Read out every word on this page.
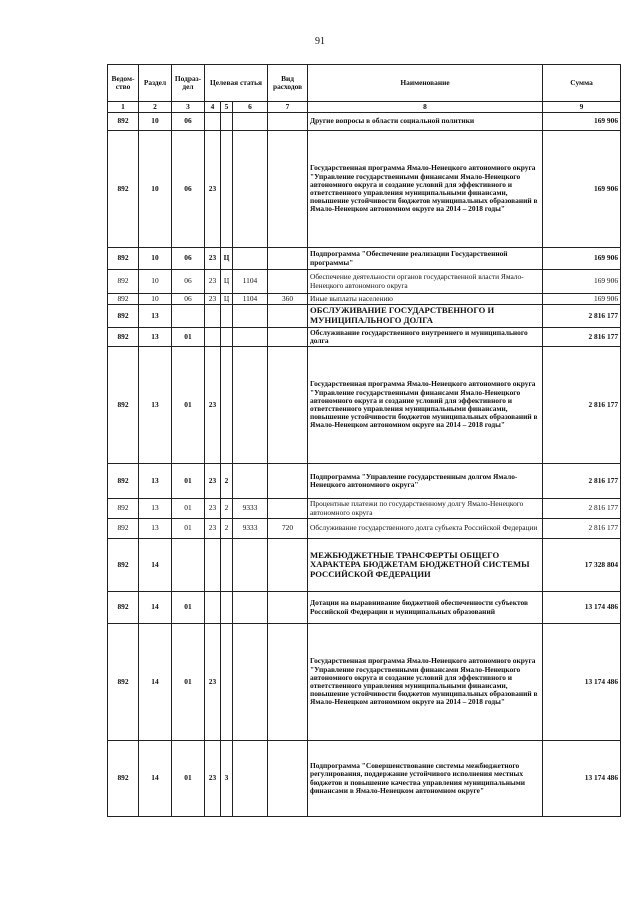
91
Ведом-ство	Раздел	Подраз-дел	Целевая статья			Вид расходов	Наименование	Сумма
1	2	3	4	5	6	7	8	9
892	10	06					Другие вопросы в области социальной политики	169 906
892	10	06	23				Государственная программа Ямало-Ненецкого автономного округа "Управление государственными финансами Ямало-Ненецкого автономного округа и создание условий для эффективного и ответственного управления муниципальными финансами, повышение устойчивости бюджетов муниципальных образований в Ямало-Ненецком автономном округе на 2014 – 2018 годы"	169 906
892	10	06	23	Ц			Подпрограмма "Обеспечение реализации Государственной программы"	169 906
892	10	06	23	Ц	1104		Обеспечение деятельности органов государственной власти Ямало-Ненецкого автономного округа	169 906
892	10	06	23	Ц	1104	360	Иные выплаты населению	169 906
892	13						ОБСЛУЖИВАНИЕ ГОСУДАРСТВЕННОГО И МУНИЦИПАЛЬНОГО ДОЛГА	2 816 177
892	13	01					Обслуживание государственного внутреннего и муниципального долга	2 816 177
892	13	01	23				Государственная программа Ямало-Ненецкого автономного округа "Управление государственными финансами Ямало-Ненецкого автономного округа и создание условий для эффективного и ответственного управления муниципальными финансами, повышение устойчивости бюджетов муниципальных образований в Ямало-Ненецком автономном округе на 2014 – 2018 годы"	2 816 177
892	13	01	23	2			Подпрограмма "Управление государственным долгом Ямало-Ненецкого автономного округа"	2 816 177
892	13	01	23	2	9333		Процентные платежи по государственному долгу Ямало-Ненецкого автономного округа	2 816 177
892	13	01	23	2	9333	720	Обслуживание государственного долга субъекта Российской Федерации	2 816 177
892	14						МЕЖБЮДЖЕТНЫЕ ТРАНСФЕРТЫ ОБЩЕГО ХАРАКТЕРА БЮДЖЕТАМ БЮДЖЕТНОЙ СИСТЕМЫ РОССИЙСКОЙ ФЕДЕРАЦИИ	17 328 804
892	14	01					Дотации на выравнивание бюджетной обеспеченности субъектов Российской Федерации и муниципальных образований	13 174 486
892	14	01	23				Государственная программа Ямало-Ненецкого автономного округа "Управление государственными финансами Ямало-Ненецкого автономного округа и создание условий для эффективного и ответственного управления муниципальными финансами, повышение устойчивости бюджетов муниципальных образований в Ямало-Ненецком автономном округе на 2014 – 2018 годы"	13 174 486
892	14	01	23	3			Подпрограмма "Совершенствование системы межбюджетного регулирования, поддержание устойчивого исполнения местных бюджетов и повышение качества управления муниципальными финансами в Ямало-Ненецком автономном округе"	13 174 486
